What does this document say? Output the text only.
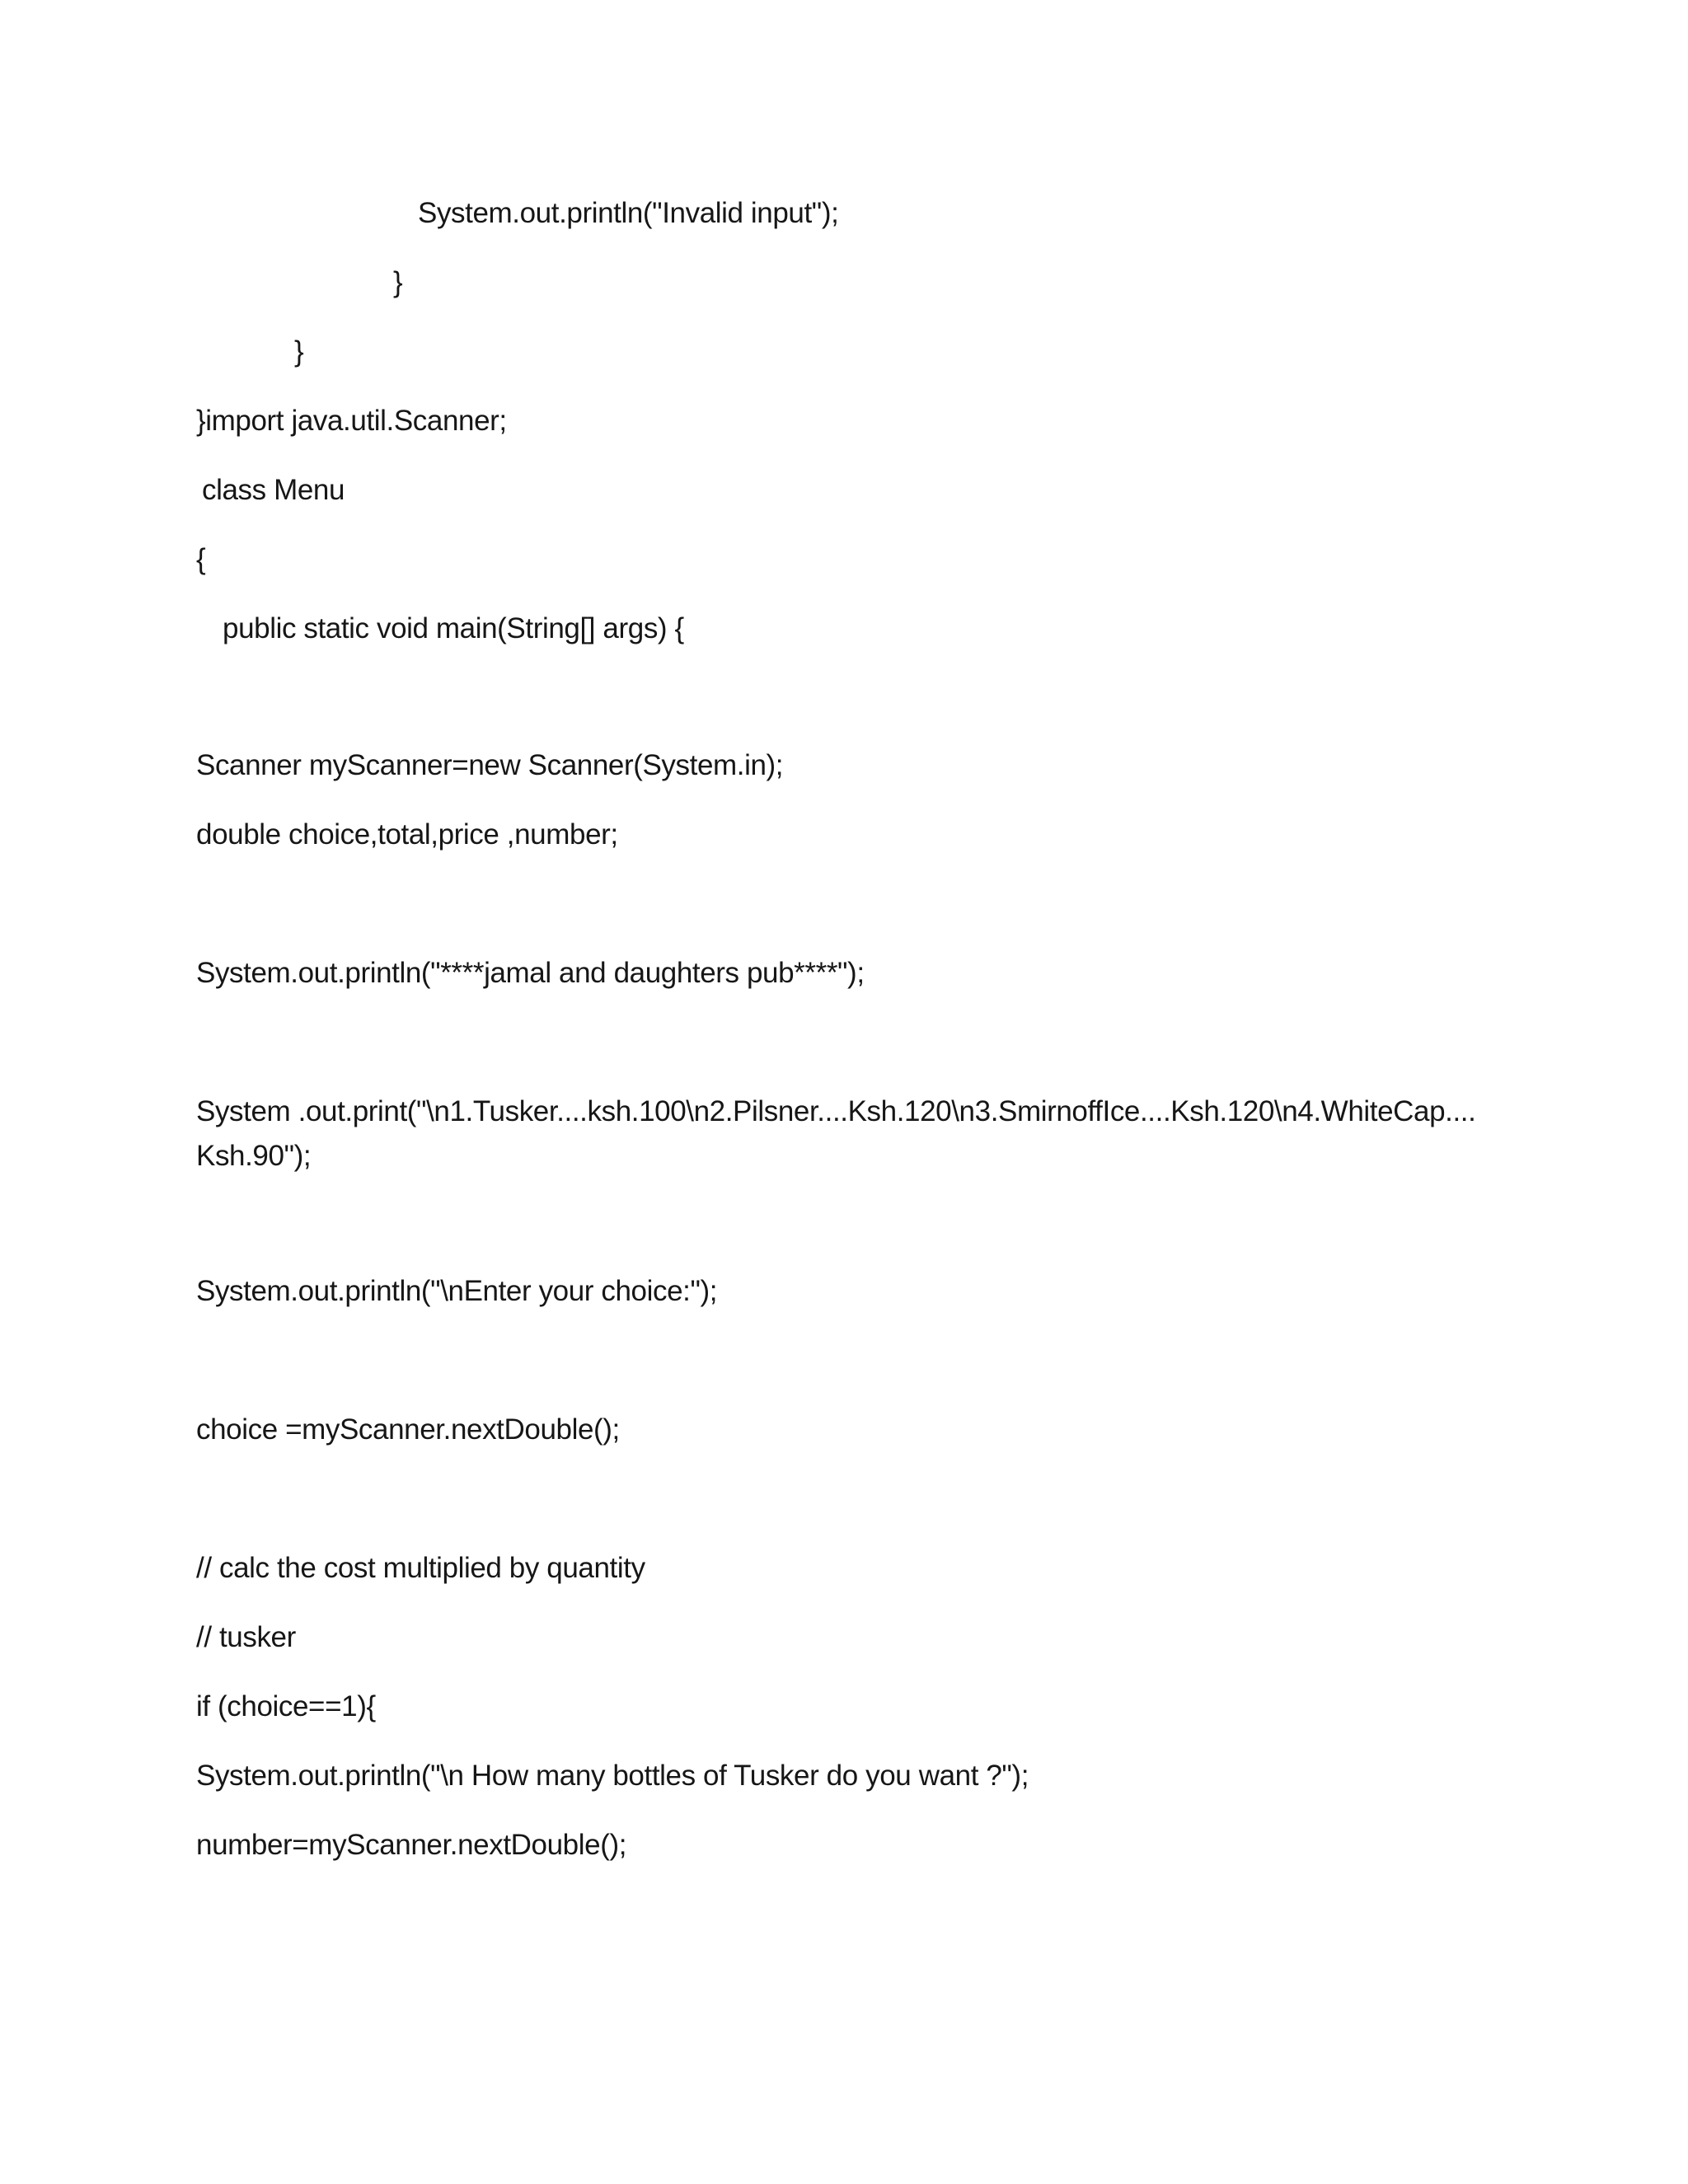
System.out.println("Invalid input");
}
}
}import java.util.Scanner;
class Menu
{
public static void main(String[] args) {
Scanner myScanner=new Scanner(System.in);
double choice,total,price ,number;
System.out.println("****jamal and daughters pub****");
System .out.print("\n1.Tusker....ksh.100\n2.Pilsner....Ksh.120\n3.SmirnoffIce....Ksh.120\n4.WhiteCap....
Ksh.90");
System.out.println("\nEnter your choice:");
choice =myScanner.nextDouble();
// calc the cost multiplied by quantity
// tusker
if (choice==1){
System.out.println("\n How many bottles of Tusker do you want ?");
number=myScanner.nextDouble();
